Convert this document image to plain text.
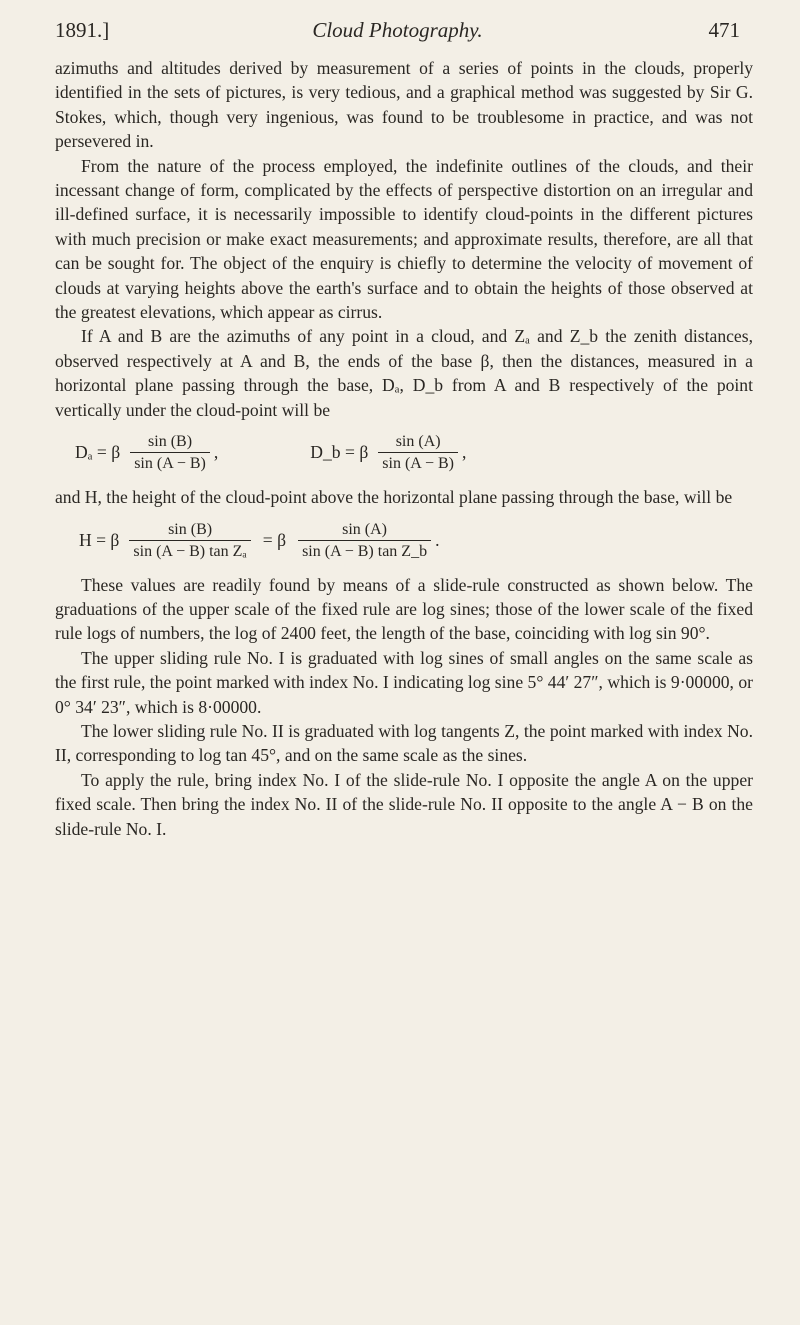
1891.]	Cloud Photography.	471

azimuths and altitudes derived by measurement of a series of points in the clouds, properly identified in the sets of pictures, is very tedious, and a graphical method was suggested by Sir G. Stokes, which, though very ingenious, was found to be troublesome in practice, and was not persevered in.

From the nature of the process employed, the indefinite outlines of the clouds, and their incessant change of form, complicated by the effects of perspective distortion on an irregular and ill-defined surface, it is necessarily impossible to identify cloud-points in the different pictures with much precision or make exact measurements; and approximate results, therefore, are all that can be sought for. The object of the enquiry is chiefly to determine the velocity of movement of clouds at varying heights above the earth's surface and to obtain the heights of those observed at the greatest elevations, which appear as cirrus.

If A and B are the azimuths of any point in a cloud, and Zₐ and Z_b the zenith distances, observed respectively at A and B, the ends of the base β, then the distances, measured in a horizontal plane passing through the base, Dₐ, D_b from A and B respectively of the point vertically under the cloud-point will be

Dₐ = β $\frac{\sin (B)}{\sin (A - B)}$ ,	D_b = β $\frac{\sin (A)}{\sin (A - B)}$ ,

and H, the height of the cloud-point above the horizontal plane passing through the base, will be

H = β $\frac{\sin (B)}{\text{sin (A − B) tan Zₐ}} = \beta \frac{\sin (A)}{\text{sin (A − B) tan Z\_b}}$ .

These values are readily found by means of a slide-rule constructed as shown below. The graduations of the upper scale of the fixed rule are log sines; those of the lower scale of the fixed rule logs of numbers, the log of 2400 feet, the length of the base, coinciding with log sin 90°.

The upper sliding rule No. I is graduated with log sines of small angles on the same scale as the first rule, the point marked with index No. I indicating log sine 5° 44′ 27″, which is 9·00000, or 0° 34′ 23″, which is 8·00000.

The lower sliding rule No. II is graduated with log tangents Z, the point marked with index No. II, corresponding to log tan 45°, and on the same scale as the sines.

To apply the rule, bring index No. I of the slide-rule No. I opposite the angle A on the upper fixed scale. Then bring the index No. II of the slide-rule No. II opposite to the angle A − B on the slide-rule No. I.
